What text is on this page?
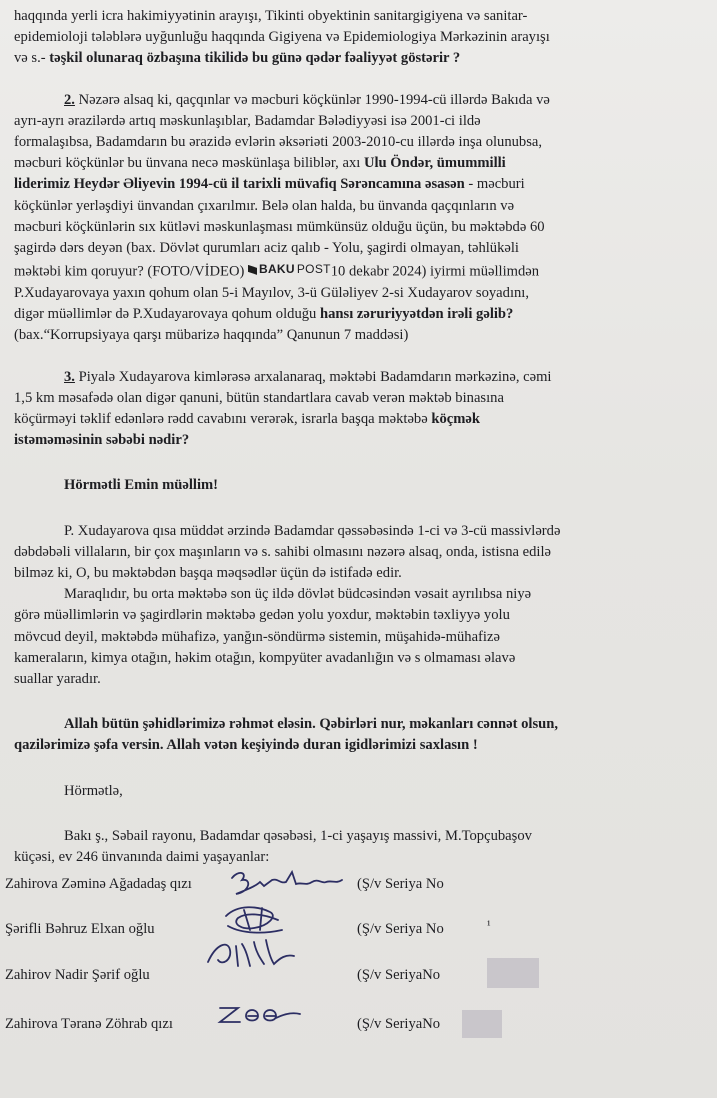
haqqında yerli icra hakimiyyətinin arayışı, Tikinti obyektinin sanitargigiyena və sanitar-

epidemioloji tələblərə uyğunluğu haqqında Gigiyena və Epidemiologiya Mərkəzinin arayışı

və s.- təşkil olunaraq özbaşına tikilidə bu günə qədər fəaliyyət göstərir ?

2. Nəzərə alsaq ki, qaçqınlar və məcburi köçkünlər 1990-1994-cü illərdə Bakıda və

ayrı-ayrı ərazilərdə artıq məskunlaşıblar, Badamdar Bələdiyyəsi isə 2001-ci ildə

formalaşıbsa, Badamdarın bu ərazidə evlərin əksəriəti 2003-2010-cu illərdə inşa olunubsa,

məcburi köçkünlər bu ünvana necə məskünlaşa biliblər, axı Ulu Öndər, ümummilli

liderimiz Heydər Əliyevin 1994-cü il tarixli müvafiq Sərəncamına əsasən - məcburi

köçkünlər yerləşdiyi ünvandan çıxarılmır. Belə olan halda, bu ünvanda qaçqınların və

məcburi köçkünlərin sıx kütləvi məskunlaşması mümkünsüz olduğu üçün, bu məktəbdə 60

şagirdə dərs deyən (bax. Dövlət qurumları aciz qalıb - Yolu, şagirdi olmayan, təhlükəli

məktəbi kim qoruyur? (FOTO/VİDEO) BAKU POST 10 dekabr 2024) iyirmi müəllimdən

P.Xudayarovaya yaxın qohum olan 5-i Mayılov, 3-ü Güləliyev 2-si Xudayarov soyadını,

digər müəllimlər də P.Xudayarovaya qohum olduğu hansı zəruriyyətdən irəli gəlib?

(bax.“Korrupsiyaya qarşı mübarizə haqqında” Qanunun 7 maddəsi)

3. Piyalə Xudayarova kimlərəsə arxalanaraq, məktəbi Badamdarın mərkəzinə, cəmi

1,5 km məsafədə olan digər qanuni, bütün standartlara cavab verən məktəb binasına

köçürməyi təklif edənlərə rədd cavabını verərək, israrla başqa məktəbə köçmək

istəməməsinin səbəbi nədir?

Hörmətli Emin müəllim!

P. Xudayarova qısa müddət ərzində Badamdar qəssəbəsində 1-ci və 3-cü massivlərdə

dəbdəbəli villaların, bir çox maşınların və s. sahibi olmasını nəzərə alsaq, onda, istisna edilə

bilməz ki, O, bu məktəbdən başqa məqsədlər üçün də istifadə edir.

Maraqlıdır, bu orta məktəbə son üç ildə dövlət büdcəsindən vəsait ayrılıbsa niyə

görə müəllimlərin və şagirdlərin məktəbə gedən yolu yoxdur, məktəbin təxliyyə yolu

mövcud deyil, məktəbdə mühafizə, yanğın-söndürmə sistemin, müşahidə-mühafizə

kameraların, kimya otağın, həkim otağın, kompyüter avadanlığın və s olmaması əlavə

suallar yaradır.

Allah bütün şəhidlərimizə rəhmət eləsin. Qəbirləri nur, məkanları cənnət olsun,

qazilərimizə şəfa versin. Allah vətən keşiyində duran igidlərimizi saxlasın !

Hörmətlə,

Bakı ş., Səbail rayonu, Badamdar qəsəbəsi, 1-ci yaşayış massivi, M.Topçubaşov

küçəsi, ev 246 ünvanında daimi yaşayanlar:

Zahirova Zəminə Ağadadaş qızı	(Ş/v Seriya No
Şərifli Bəhruz Elxan oğlu	(Ş/v Seriya No	¹
Zahirov Nadir Şərif oğlu	(Ş/v SeriyaNo
Zahirova Təranə Zöhrab qızı	(Ş/v SeriyaNo
